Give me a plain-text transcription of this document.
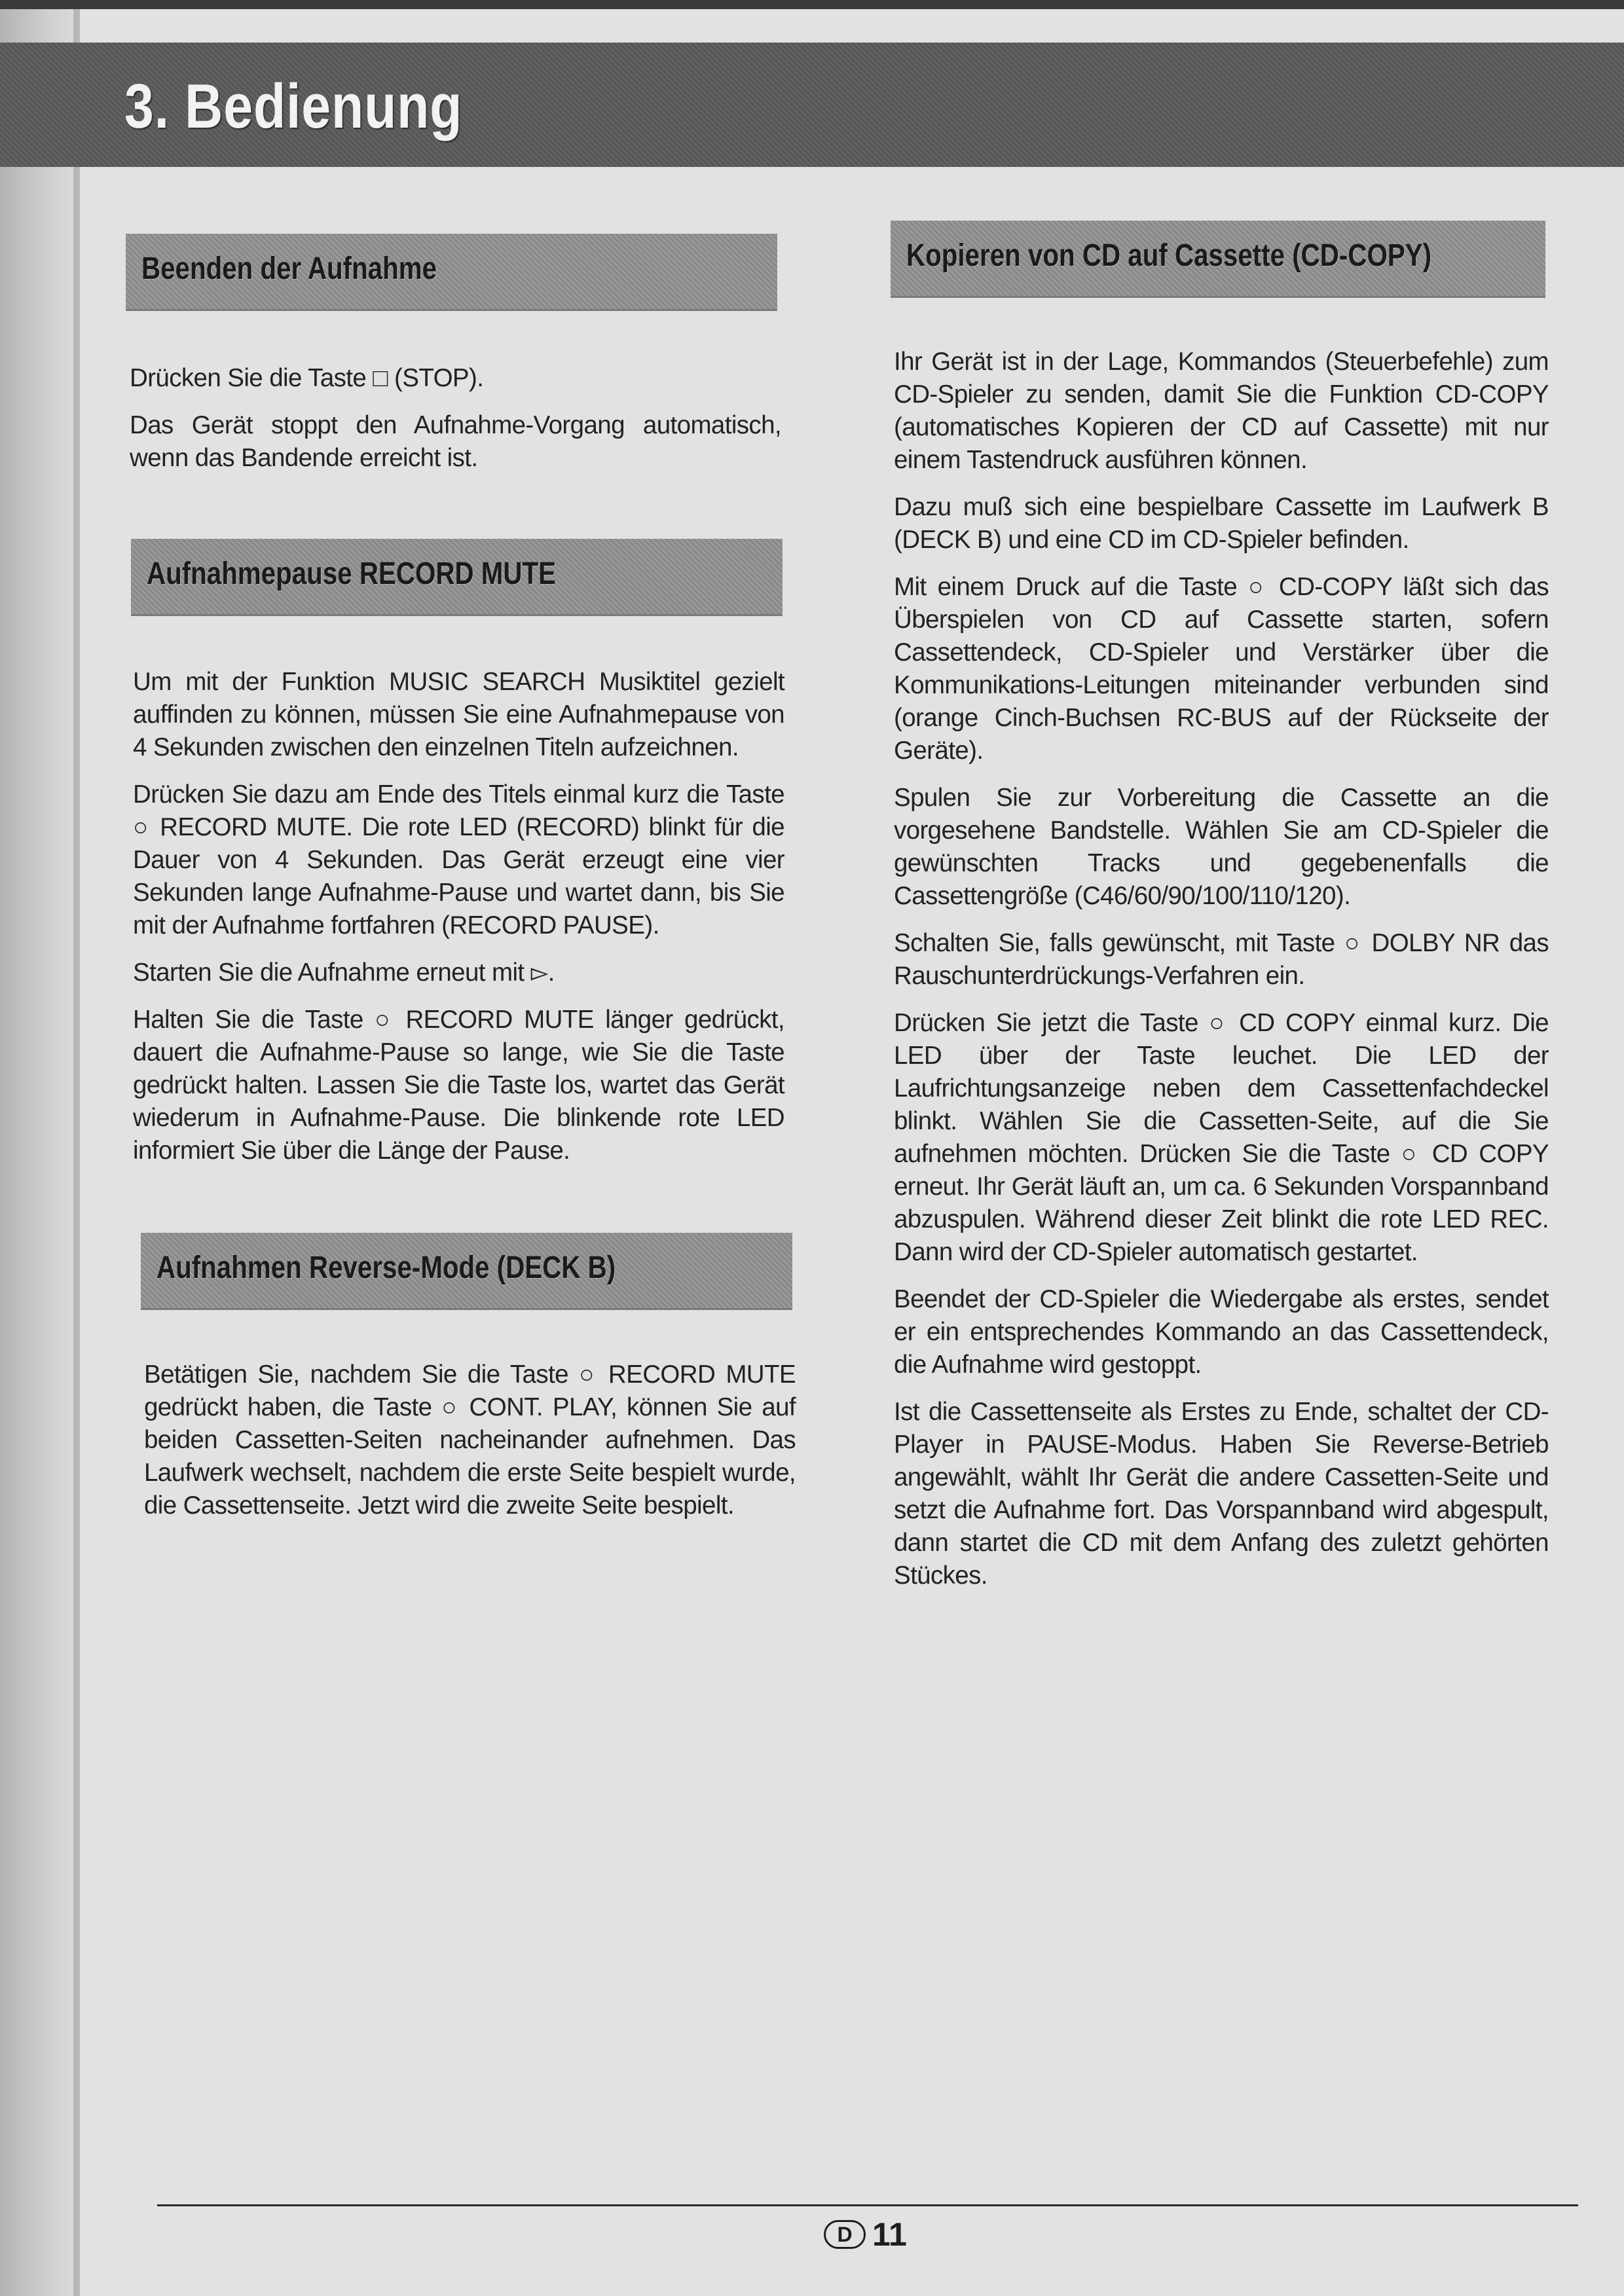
3. Bedienung
Beenden der Aufnahme

Drücken Sie die Taste □ (STOP).

Das Gerät stoppt den Aufnahme-Vorgang automatisch, wenn das Bandende erreicht ist.

Aufnahmepause RECORD MUTE

Um mit der Funktion MUSIC SEARCH Musiktitel gezielt auffinden zu können, müssen Sie eine Aufnahmepause von 4 Sekunden zwischen den einzelnen Titeln aufzeichnen.

Drücken Sie dazu am Ende des Titels einmal kurz die Taste ○ RECORD MUTE. Die rote LED (RECORD) blinkt für die Dauer von 4 Sekunden. Das Gerät erzeugt eine vier Sekunden lange Aufnahme-Pause und wartet dann, bis Sie mit der Aufnahme fortfahren (RECORD PAUSE).

Starten Sie die Aufnahme erneut mit ▻.

Halten Sie die Taste ○ RECORD MUTE länger gedrückt, dauert die Aufnahme-Pause so lange, wie Sie die Taste gedrückt halten. Lassen Sie die Taste los, wartet das Gerät wiederum in Aufnahme-Pause. Die blinkende rote LED informiert Sie über die Länge der Pause.

Aufnahmen Reverse-Mode (DECK B)

Betätigen Sie, nachdem Sie die Taste ○ RECORD MUTE gedrückt haben, die Taste ○ CONT. PLAY, können Sie auf beiden Cassetten-Seiten nacheinander aufnehmen. Das Laufwerk wechselt, nachdem die erste Seite bespielt wurde, die Cassettenseite. Jetzt wird die zweite Seite bespielt.

Kopieren von CD auf Cassette (CD-COPY)

Ihr Gerät ist in der Lage, Kommandos (Steuerbefehle) zum CD-Spieler zu senden, damit Sie die Funktion CD-COPY (automatisches Kopieren der CD auf Cassette) mit nur einem Tastendruck ausführen können.

Dazu muß sich eine bespielbare Cassette im Laufwerk B (DECK B) und eine CD im CD-Spieler befinden.

Mit einem Druck auf die Taste ○ CD-COPY läßt sich das Überspielen von CD auf Cassette starten, sofern Cassettendeck, CD-Spieler und Verstärker über die Kommunikations-Leitungen miteinander verbunden sind (orange Cinch-Buchsen RC-BUS auf der Rückseite der Geräte).

Spulen Sie zur Vorbereitung die Cassette an die vorgesehene Bandstelle. Wählen Sie am CD-Spieler die gewünschten Tracks und gegebenenfalls die Cassettengröße (C46/60/90/100/110/120).

Schalten Sie, falls gewünscht, mit Taste ○ DOLBY NR das Rauschunterdrückungs-Verfahren ein.

Drücken Sie jetzt die Taste ○ CD COPY einmal kurz. Die LED über der Taste leuchet. Die LED der Laufrichtungsanzeige neben dem Cassettenfachdeckel blinkt. Wählen Sie die Cassetten-Seite, auf die Sie aufnehmen möchten. Drücken Sie die Taste ○ CD COPY erneut. Ihr Gerät läuft an, um ca. 6 Sekunden Vorspannband abzuspulen. Während dieser Zeit blinkt die rote LED REC. Dann wird der CD-Spieler automatisch gestartet.

Beendet der CD-Spieler die Wiedergabe als erstes, sendet er ein entsprechendes Kommando an das Cassettendeck, die Aufnahme wird gestoppt.

Ist die Cassettenseite als Erstes zu Ende, schaltet der CD-Player in PAUSE-Modus. Haben Sie Reverse-Betrieb angewählt, wählt Ihr Gerät die andere Cassetten-Seite und setzt die Aufnahme fort. Das Vorspannband wird abgespult, dann startet die CD mit dem Anfang des zuletzt gehörten Stückes.

D 11
